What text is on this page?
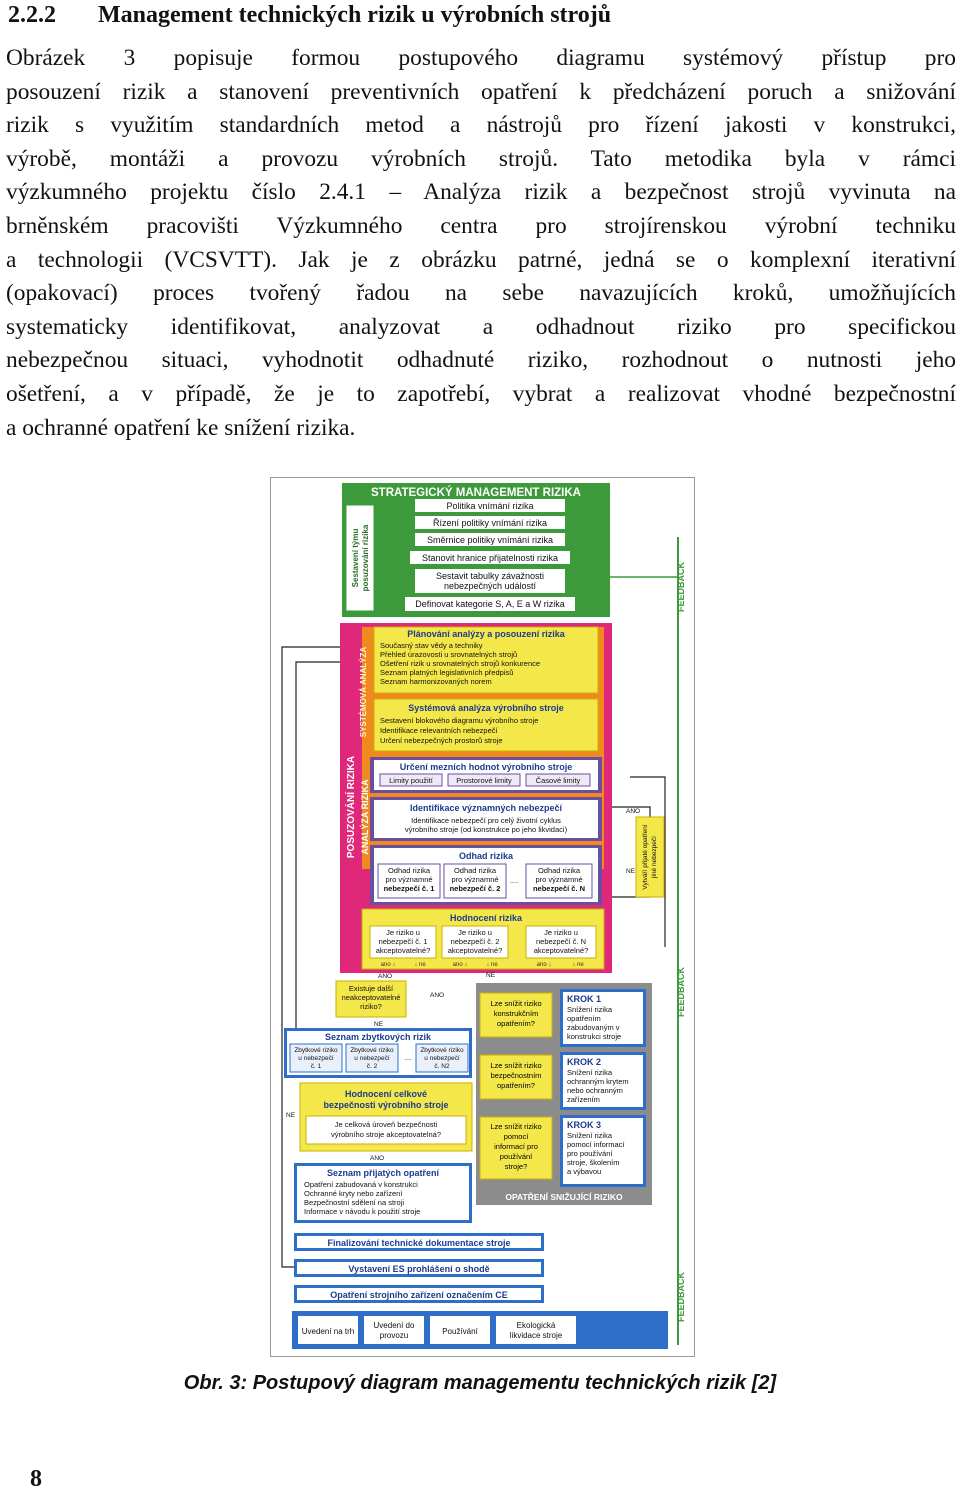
2.2.2 Management technických rizik u výrobních strojů
Obrázek 3 popisuje formou postupového diagramu systémový přístup pro
posouzení rizik a stanovení preventivních opatření k předcházení poruch a snižování
rizik s využitím standardních metod a nástrojů pro řízení jakosti v konstrukci,
výrobě, montáži a provozu výrobních strojů. Tato metodika byla v rámci
výzkumného projektu číslo 2.4.1 – Analýza rizik a bezpečnost strojů vyvinuta na
brněnském pracovišti Výzkumného centra pro strojírenskou výrobní techniku
a technologii (VCSVTT). Jak je z obrázku patrné, jedná se o komplexní iterativní
(opakovací) proces tvořený řadou na sebe navazujících kroků, umožňujících
systematicky identifikovat, analyzovat a odhadnout riziko pro specifickou
nebezpečnou situaci, vyhodnotit odhadnuté riziko, rozhodnout o nutnosti jeho
ošetření, a v případě, že je to zapotřebí, vybrat a realizovat vhodné bezpečnostní
a ochranné opatření ke snížení rizika.
STRATEGICKÝ MANAGEMENT RIZIKA
Sestavení týmu posuzování rizika
Politika vnímání rizika
Řízení politiky vnímání rizika
Směrnice politiky vnímání rizika
Stanovit hranice přijatelnosti rizika
Sestavit tabulky závažnosti
nebezpečných událostí
Definovat kategorie S, A, E a W rizika	FEEDBACK
FEEDBACK
FEEDBACK
POSUZOVÁNÍ RIZIKA ANALÝZA RIZIKA
SYSTÉMOVÁ ANALÝZA
Plánování analýzy a posouzení rizika
Současný stav vědy a techniky
Přehled úrazovosti u srovnatelných strojů
Ošetření rizik u srovnatelných strojů konkurence
Seznam platných legislativních předpisů
Seznam harmonizovaných norem
Systémová analýza výrobního stroje
Sestavení blokového diagramu výrobního stroje
Identifikace relevantních nebezpečí
Určení nebezpečných prostorů stroje
Určení mezních hodnot výrobního stroje
Limity použití	Prostorové limity	Časové limity
Identifikace významných nebezpečí
Identifikace nebezpečí pro celý životní cyklus
výrobního stroje (od konstrukce po jeho likvidaci)
Odhad rizika
Odhad rizika
pro významné
nebezpečí č. 1
Odhad rizika
pro významné
nebezpečí č. 2
....
Odhad rizika
pro významné
nebezpečí č. N
Hodnocení rizika
Je riziko u
nebezpečí č. 1
akceptovatelné?
Je riziko u
nebezpečí č. 2
akceptovatelné?
Je riziko u
nebezpečí č. N
akceptovatelné?
ano ↓	↓ ne	ano ↓	↓ ne	ano ↓	↓ ne
ANO
NE Vytváří přijaté opatření jiné nebezpečí
Existuje další
neakceptovatelné
riziko?
ANO
ANO
NE
Seznam zbytkových rizik
Zbytkové riziko
u nebezpečí
č. 1
Zbytkové riziko
u nebezpečí
č. 2
....
Zbytkové riziko
u nebezpečí
č. N2
Hodnocení celkové
bezpečnosti výrobního stroje
Je celková úroveň bezpečnosti
výrobního stroje akceptovatelná?
NE
ANO
Seznam přijatých opatření
Opatření zabudovaná v konstrukci
Ochranné kryty nebo zařízení
Bezpečnostní sdělení na stroji
Informace v návodu k použití stroje
OPATŘENÍ SNIŽUJÍCÍ RIZIKO
NE
Lze snížit riziko
konstrukčním
opatřením?
Lze snížit riziko
bezpečnostním
opatřením?
Lze snížit riziko
pomocí
informací pro
používání
stroje?
KROK 1
Snížení rizika
opatřením
zabudovaným v
konstrukci stroje
KROK 2
Snížení rizika
ochranným krytem
nebo ochranným
zařízením
KROK 3
Snížení rizika
pomocí informací
pro používání
stroje, školením
a výbavou
Finalizování technické dokumentace stroje
Vystavení ES prohlášení o shodě
Opatření strojního zařízení označením CE
Uvedení na trh
Uvedení do
provozu	Používání
Ekologická
likvidace stroje
Obr. 3: Postupový diagram managementu technických rizik [2]
8
